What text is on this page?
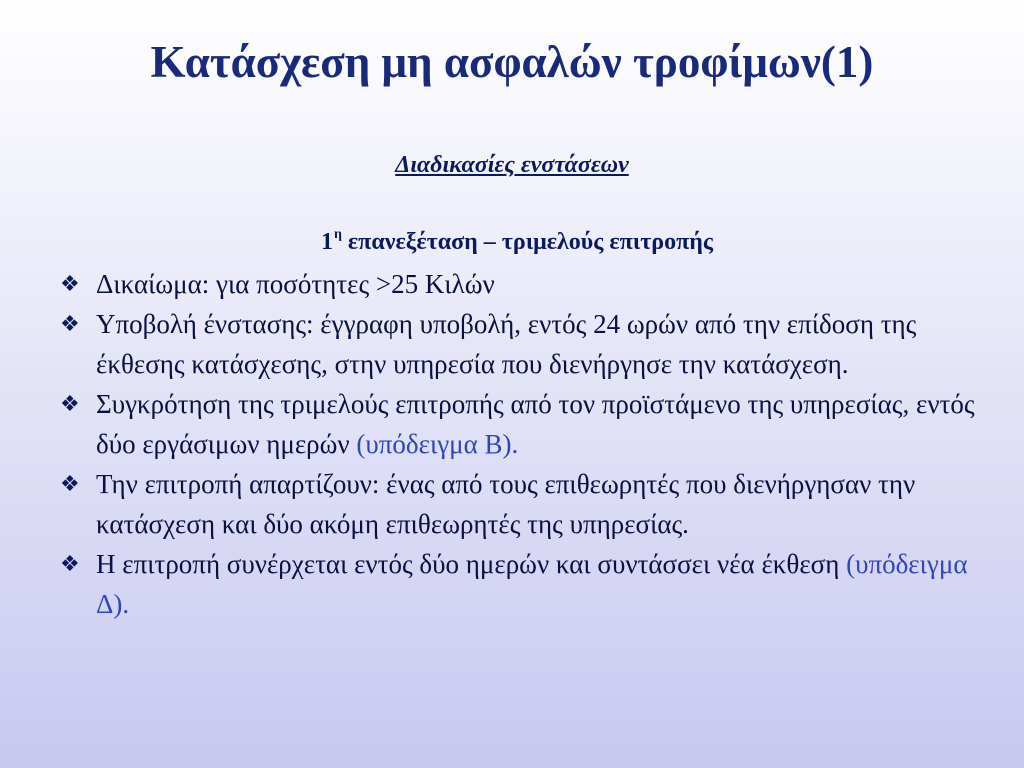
Κατάσχεση μη ασφαλών τροφίμων(1)
Διαδικασίες ενστάσεων
$1^\eta$ επανεξέταση – τριμελούς επιτροπής
❖ Δικαίωμα: για ποσότητες >25 Κιλών
❖ Υποβολή ένστασης: έγγραφη υποβολή, εντός 24 ωρών από την επίδοση της έκθεσης κατάσχεσης, στην υπηρεσία που διενήργησε την κατάσχεση.
❖ Συγκρότηση της τριμελούς επιτροπής από τον προϊστάμενο της υπηρεσίας, εντός δύο εργάσιμων ημερών (υπόδειγμα Β).
❖ Την επιτροπή απαρτίζουν: ένας από τους επιθεωρητές που διενήργησαν την κατάσχεση και δύο ακόμη επιθεωρητές της υπηρεσίας.
❖ Η επιτροπή συνέρχεται εντός δύο ημερών και συντάσσει νέα έκθεση (υπόδειγμα Δ).
